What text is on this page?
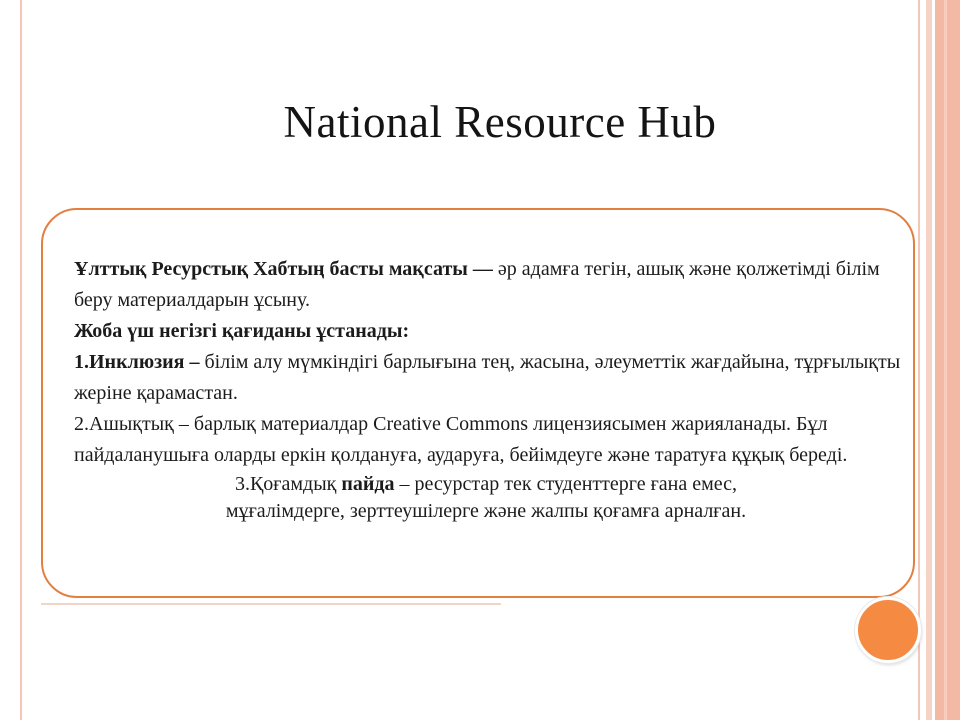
National Resource Hub

Ұлттық Ресурстық Хабтың басты мақсаты — әр адамға тегін, ашық және қолжетімді білім беру материалдарын ұсыну.

Жоба үш негізгі қағиданы ұстанады:

1.Инклюзия – білім алу мүмкіндігі барлығына тең, жасына, әлеуметтік жағдайына, тұрғылықты жеріне қарамастан.

2.Ашықтық – барлық материалдар Creative Commons лицензиясымен жарияланады. Бұл пайдаланушыға оларды еркін қолдануға, аударуға, бейімдеуге және таратуға құқық береді.

3.Қоғамдық пайда – ресурстар тек студенттерге ғана емес,
мұғалімдерге, зерттеушілерге және жалпы қоғамға арналған.
